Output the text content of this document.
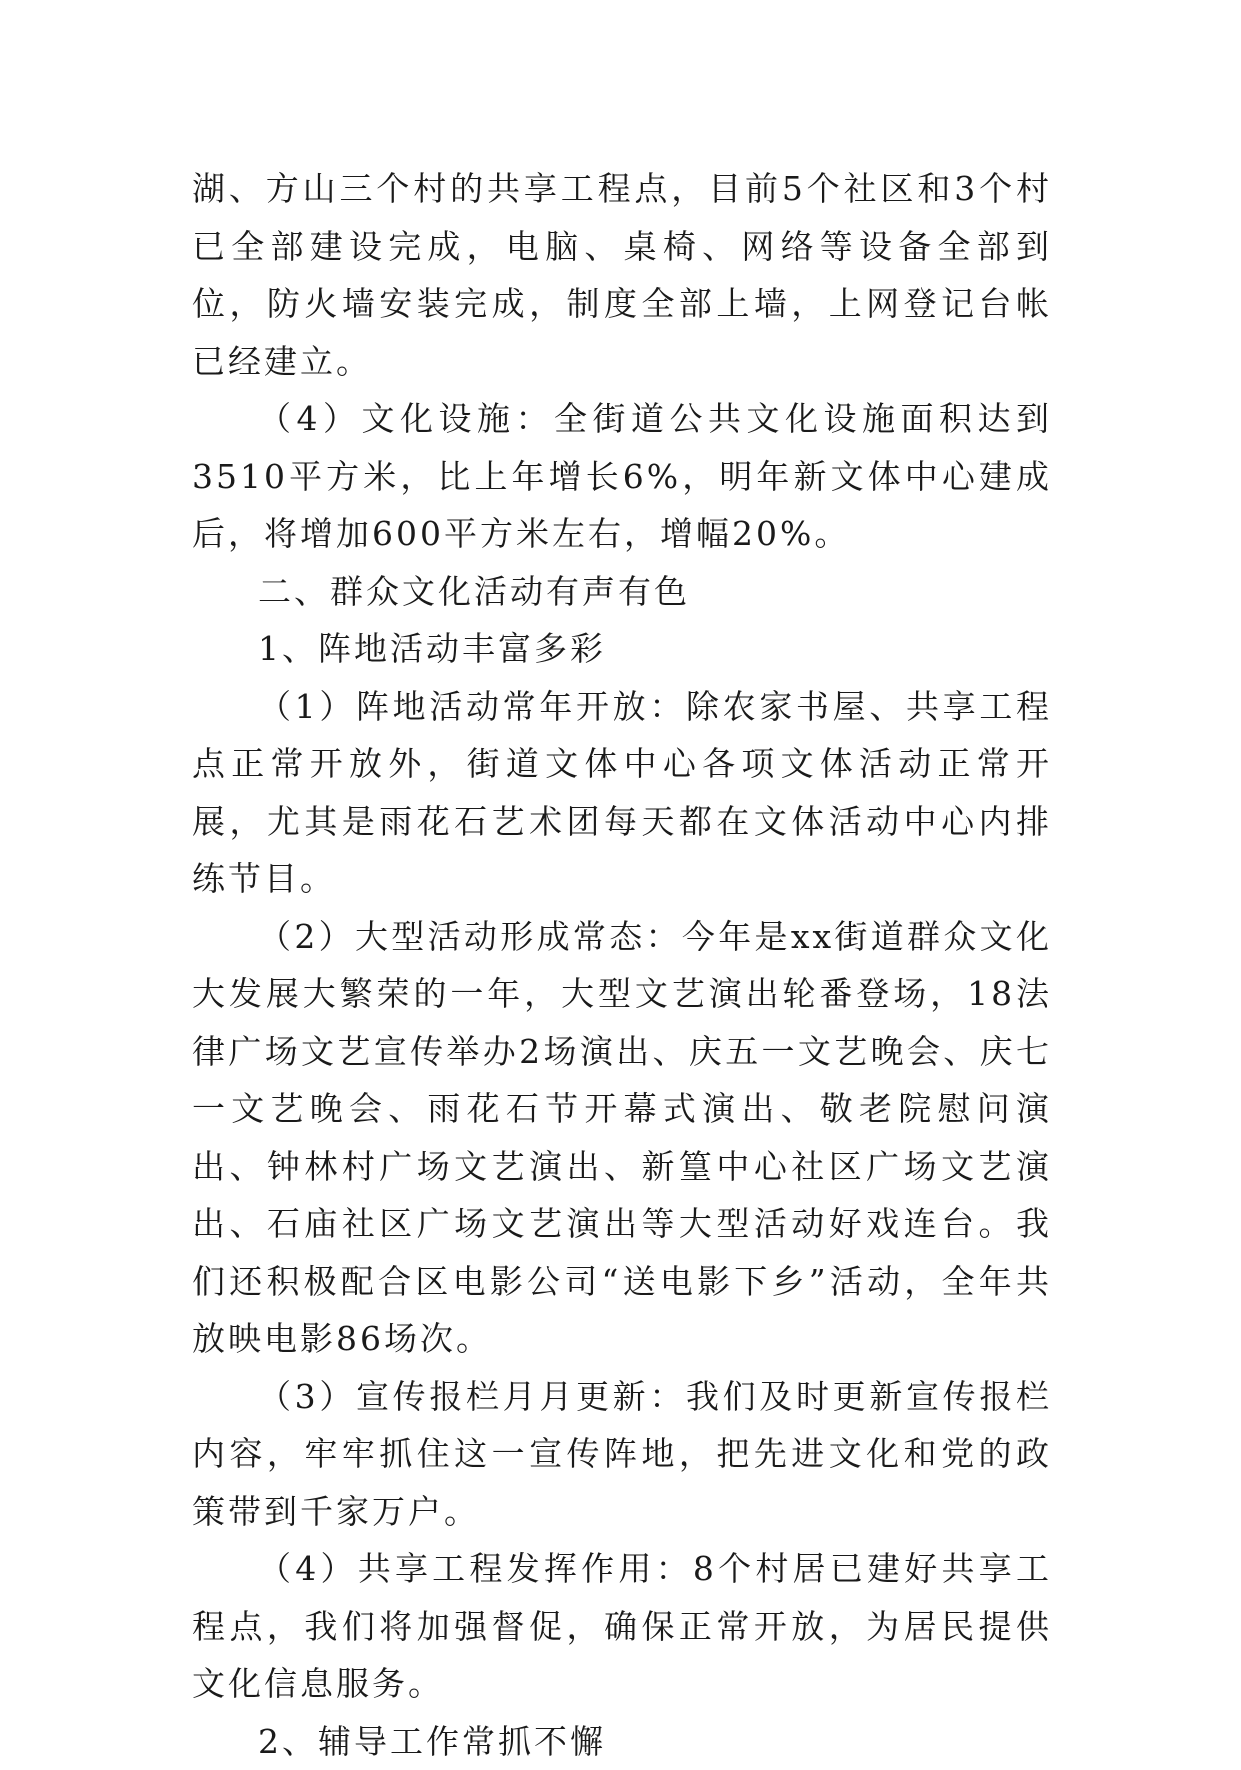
湖、方山三个村的共享工程点，目前5个社区和3个村已全部建设完成，电脑、桌椅、网络等设备全部到位，防火墙安装完成，制度全部上墙，上网登记台帐已经建立。

（4）文化设施：全街道公共文化设施面积达到3510平方米，比上年增长6%，明年新文体中心建成后，将增加600平方米左右，增幅20%。

二、群众文化活动有声有色

1、阵地活动丰富多彩

（1）阵地活动常年开放：除农家书屋、共享工程点正常开放外，街道文体中心各项文体活动正常开展，尤其是雨花石艺术团每天都在文体活动中心内排练节目。

（2）大型活动形成常态：今年是xx街道群众文化大发展大繁荣的一年，大型文艺演出轮番登场，18法律广场文艺宣传举办2场演出、庆五一文艺晚会、庆七一文艺晚会、雨花石节开幕式演出、敬老院慰问演出、钟林村广场文艺演出、新篁中心社区广场文艺演出、石庙社区广场文艺演出等大型活动好戏连台。我们还积极配合区电影公司“送电影下乡”活动，全年共放映电影86场次。

（3）宣传报栏月月更新：我们及时更新宣传报栏内容，牢牢抓住这一宣传阵地，把先进文化和党的政策带到千家万户。

（4）共享工程发挥作用：8个村居已建好共享工程点，我们将加强督促，确保正常开放，为居民提供文化信息服务。

2、辅导工作常抓不懈
